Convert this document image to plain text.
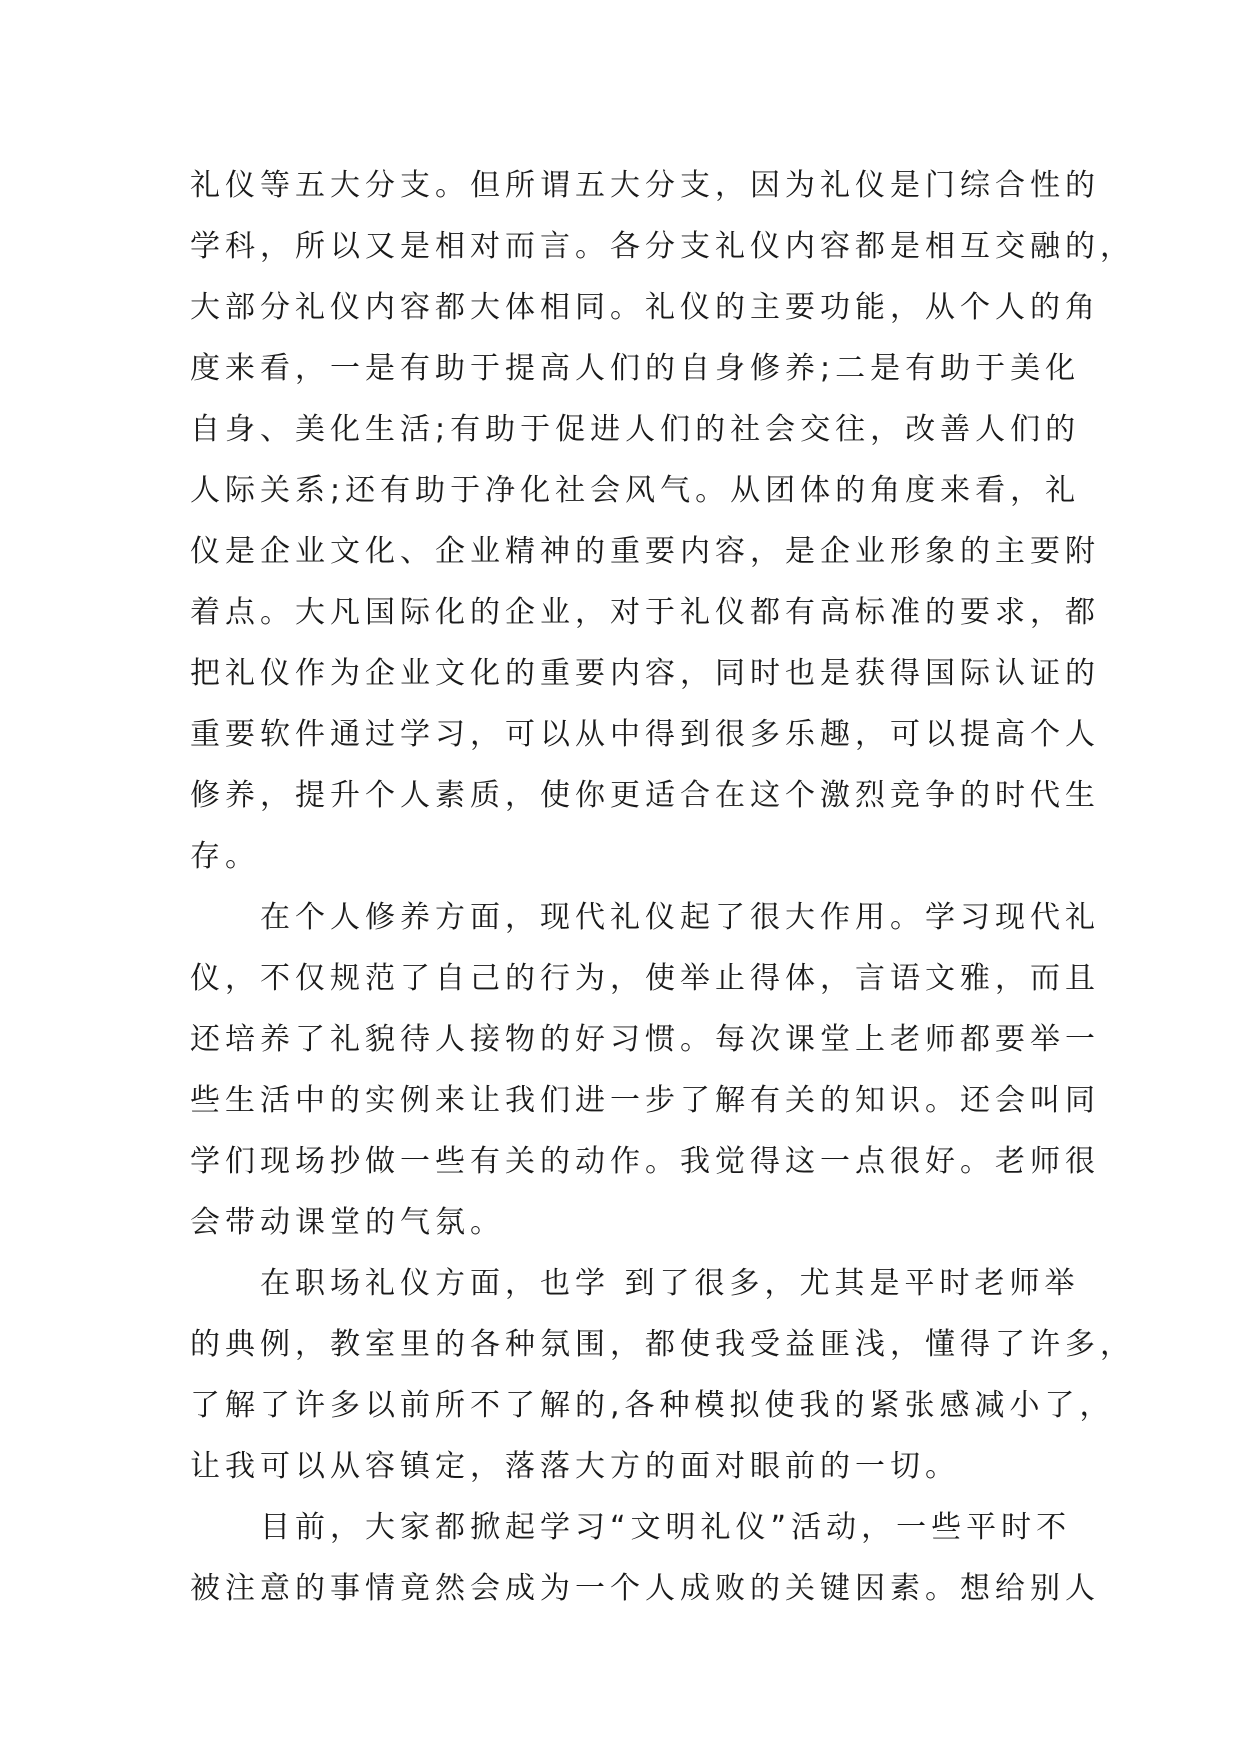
礼仪等五大分支。但所谓五大分支，因为礼仪是门综合性的
学科，所以又是相对而言。各分支礼仪内容都是相互交融的，
大部分礼仪内容都大体相同。礼仪的主要功能，从个人的角
度来看，一是有助于提高人们的自身修养;二是有助于美化
自身、美化生活;有助于促进人们的社会交往，改善人们的
人际关系;还有助于净化社会风气。从团体的角度来看，礼
仪是企业文化、企业精神的重要内容，是企业形象的主要附
着点。大凡国际化的企业，对于礼仪都有高标准的要求，都
把礼仪作为企业文化的重要内容，同时也是获得国际认证的
重要软件通过学习，可以从中得到很多乐趣，可以提高个人
修养，提升个人素质，使你更适合在这个激烈竞争的时代生
存。
　　在个人修养方面，现代礼仪起了很大作用。学习现代礼
仪，不仅规范了自己的行为，使举止得体，言语文雅，而且
还培养了礼貌待人接物的好习惯。每次课堂上老师都要举一
些生活中的实例来让我们进一步了解有关的知识。还会叫同
学们现场抄做一些有关的动作。我觉得这一点很好。老师很
会带动课堂的气氛。
　　在职场礼仪方面，也学 到了很多，尤其是平时老师举
的典例，教室里的各种氛围，都使我受益匪浅，懂得了许多，
了解了许多以前所不了解的,各种模拟使我的紧张感减小了，
让我可以从容镇定，落落大方的面对眼前的一切。
　　目前，大家都掀起学习“文明礼仪”活动，一些平时不
被注意的事情竟然会成为一个人成败的关键因素。想给别人
